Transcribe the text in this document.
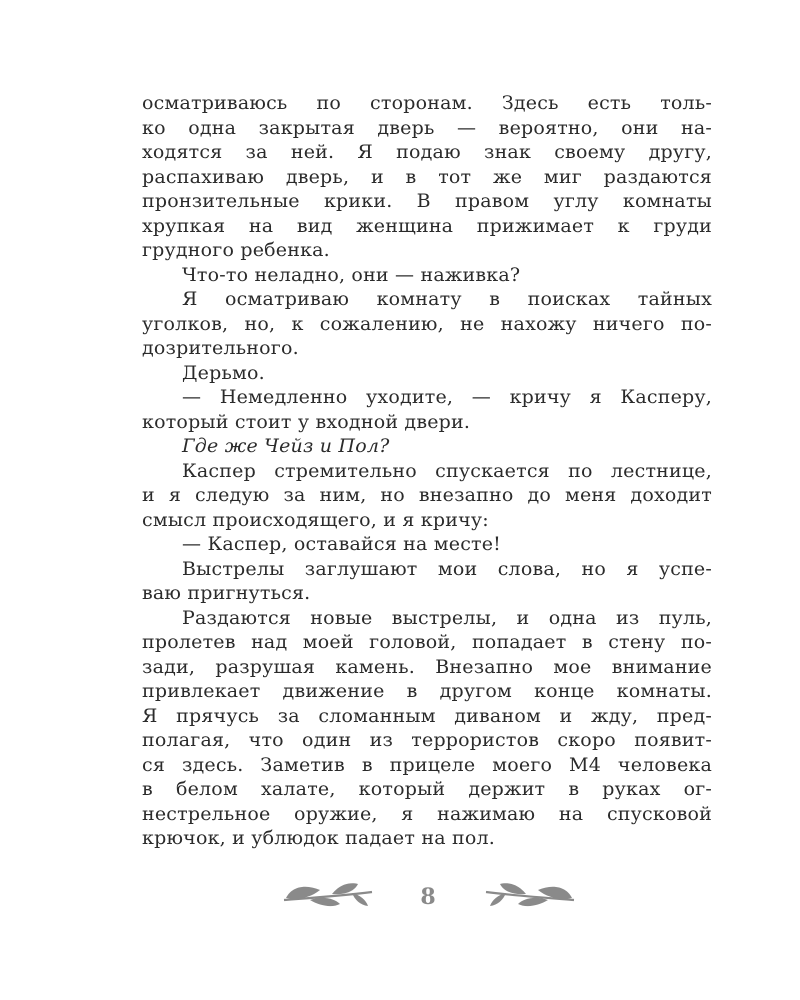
осматриваюсь по сторонам. Здесь есть толь-
ко одна закрытая дверь — вероятно, они на-
ходятся за ней. Я подаю знак своему другу,
распахиваю дверь, и в тот же миг раздаются
пронзительные крики. В правом углу комнаты
хрупкая на вид женщина прижимает к груди
грудного ребенка.
Что-то неладно, они — наживка?
Я осматриваю комнату в поисках тайных
уголков, но, к сожалению, не нахожу ничего по-
дозрительного.
Дерьмо.
— Немедленно уходите, — кричу я Касперу,
который стоит у входной двери.
Где же Чейз и Пол?
Каспер стремительно спускается по лестнице,
и я следую за ним, но внезапно до меня доходит
смысл происходящего, и я кричу:
— Каспер, оставайся на месте!
Выстрелы заглушают мои слова, но я успе-
ваю пригнуться.
Раздаются новые выстрелы, и одна из пуль,
пролетев над моей головой, попадает в стену по-
зади, разрушая камень. Внезапно мое внимание
привлекает движение в другом конце комнаты.
Я прячусь за сломанным диваном и жду, пред-
полагая, что один из террористов скоро появит-
ся здесь. Заметив в прицеле моего М4 человека
в белом халате, который держит в руках ог-
нестрельное оружие, я нажимаю на спусковой
крючок, и ублюдок падает на пол.
8
